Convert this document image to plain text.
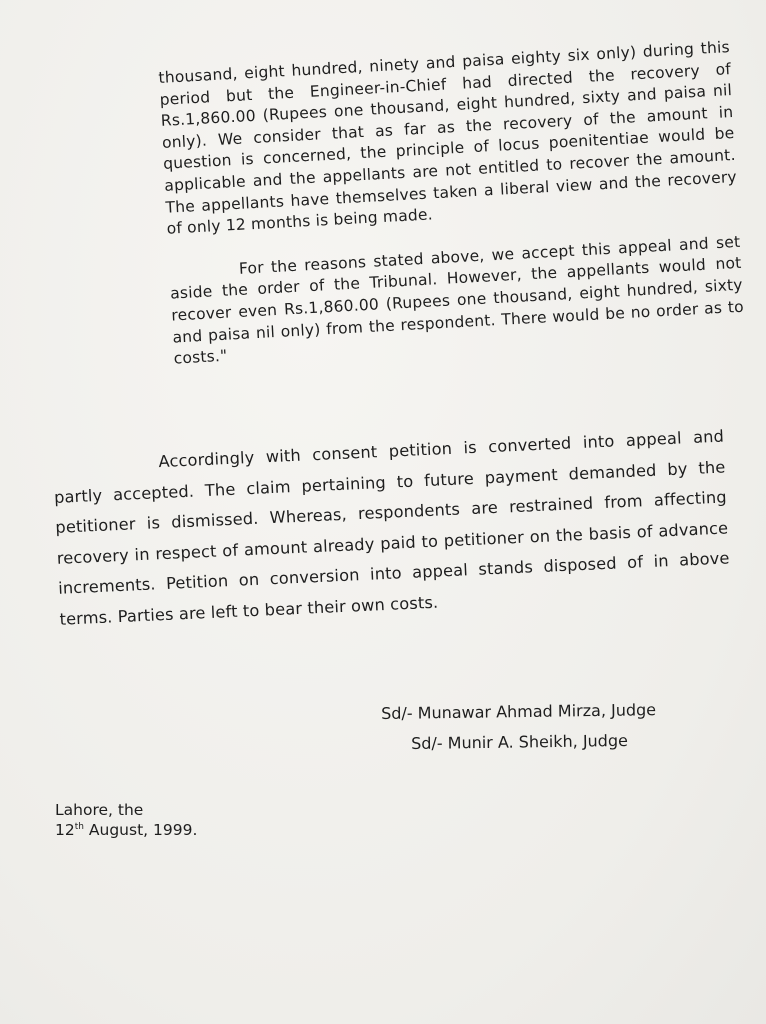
thousand, eight hundred, ninety and paisa eighty six only) during this period but the Engineer-in-Chief had directed the recovery of Rs.1,860.00 (Rupees one thousand, eight hundred, sixty and paisa nil only). We consider that as far as the recovery of the amount in question is concerned, the principle of locus poenitentiae would be applicable and the appellants are not entitled to recover the amount. The appellants have themselves taken a liberal view and the recovery of only 12 months is being made.

For the reasons stated above, we accept this appeal and set aside the order of the Tribunal. However, the appellants would not recover even Rs.1,860.00 (Rupees one thousand, eight hundred, sixty and paisa nil only) from the respondent. There would be no order as to costs."

Accordingly with consent petition is converted into appeal and partly accepted. The claim pertaining to future payment demanded by the petitioner is dismissed. Whereas, respondents are restrained from affecting recovery in respect of amount already paid to petitioner on the basis of advance increments. Petition on conversion into appeal stands disposed of in above terms. Parties are left to bear their own costs.

Sd/- Munawar Ahmad Mirza, Judge
Sd/- Munir A. Sheikh, Judge
Lahore, the
12th August, 1999.
